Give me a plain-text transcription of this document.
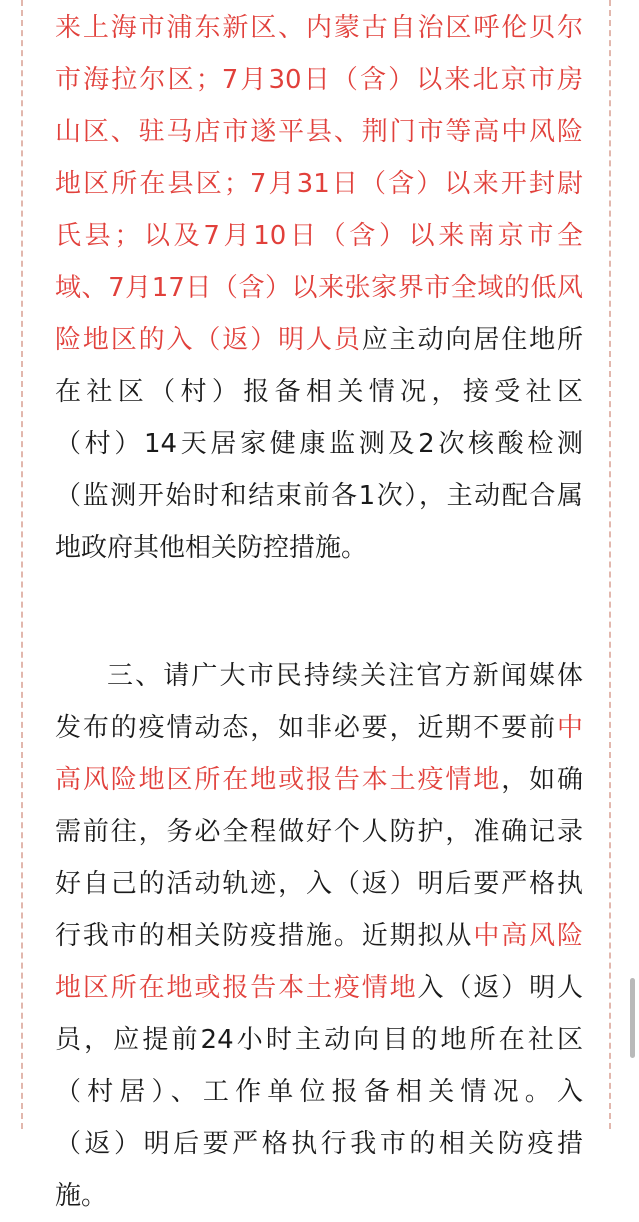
来上海市浦东新区、内蒙古自治区呼伦贝尔
市海拉尔区；7月30日（含）以来北京市房
山区、驻马店市遂平县、荆门市等高中风险
地区所在县区；7月31日（含）以来开封尉
氏县；以及7月10日（含）以来南京市全
域、7月17日（含）以来张家界市全域的低风
险地区的入（返）明人员应主动向居住地所
在社区（村）报备相关情况，接受社区
（村）14天居家健康监测及2次核酸检测
（监测开始时和结束前各1次），主动配合属
地政府其他相关防控措施。

三、请广大市民持续关注官方新闻媒体
发布的疫情动态，如非必要，近期不要前中
高风险地区所在地或报告本土疫情地，如确
需前往，务必全程做好个人防护，准确记录
好自己的活动轨迹，入（返）明后要严格执
行我市的相关防疫措施。近期拟从中高风险
地区所在地或报告本土疫情地入（返）明人
员，应提前24小时主动向目的地所在社区
（村居）、工作单位报备相关情况。入
（返）明后要严格执行我市的相关防疫措
施。
